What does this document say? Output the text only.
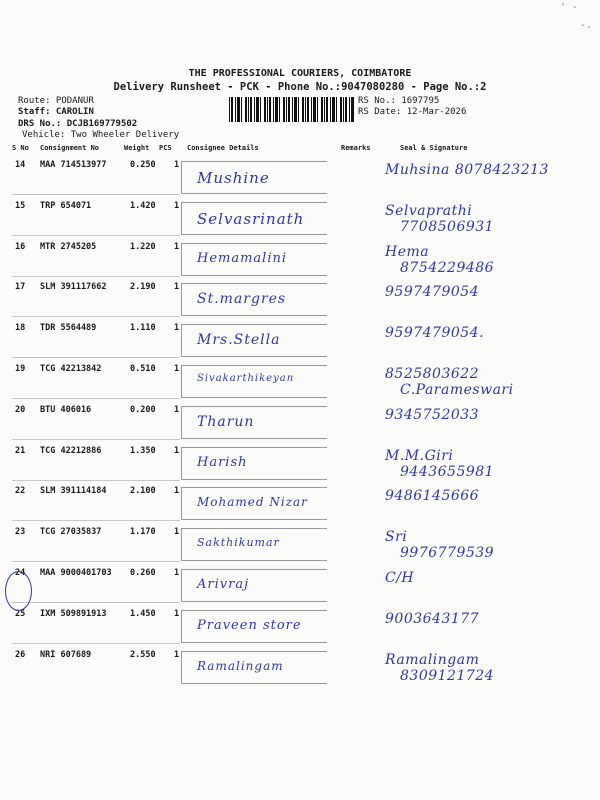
' -
-.
THE PROFESSIONAL COURIERS, COIMBATORE
Delivery Runsheet - PCK - Phone No.:9047080280 - Page No.:2
Route: PODANUR
Staff: CAROLIN
DRS No.: DCJB169779502
Vehicle: Two Wheeler Delivery
RS No.: 1697795
RS Date: 12-Mar-2026
S No Consignment No	Weight PCS Consignee Details	Remarks	Seal & Signature
14 MAA 714513977	0.250 1
Mushine	Muhsina 8078423213
15 TRP 654071	1.420 1
Selvasrinath	Selvaprathi
7708506931
16 MTR 2745205	1.220 1
Hemamalini	Hema
8754229486
17 SLM 391117662	2.190 1
St.margres	9597479054
18 TDR 5564489	1.110 1
Mrs.Stella	9597479054.
19 TCG 42213842	0.510 1
Sivakarthikeyan	8525803622
C.Parameswari
20 BTU 406016	0.200 1
Tharun	9345752033
21 TCG 42212886	1.350 1
Harish	M.M.Giri
9443655981
22 SLM 391114184	2.100 1
Mohamed Nizar	9486145666
23 TCG 27035837	1.170 1
Sakthikumar	Sri
9976779539
24 MAA 9000401703 0.260 1
Arivraj	C/H
25 IXM 509891913	1.450 1
Praveen store	9003643177
26 NRI 607689	2.550 1
Ramalingam	Ramalingam
8309121724
